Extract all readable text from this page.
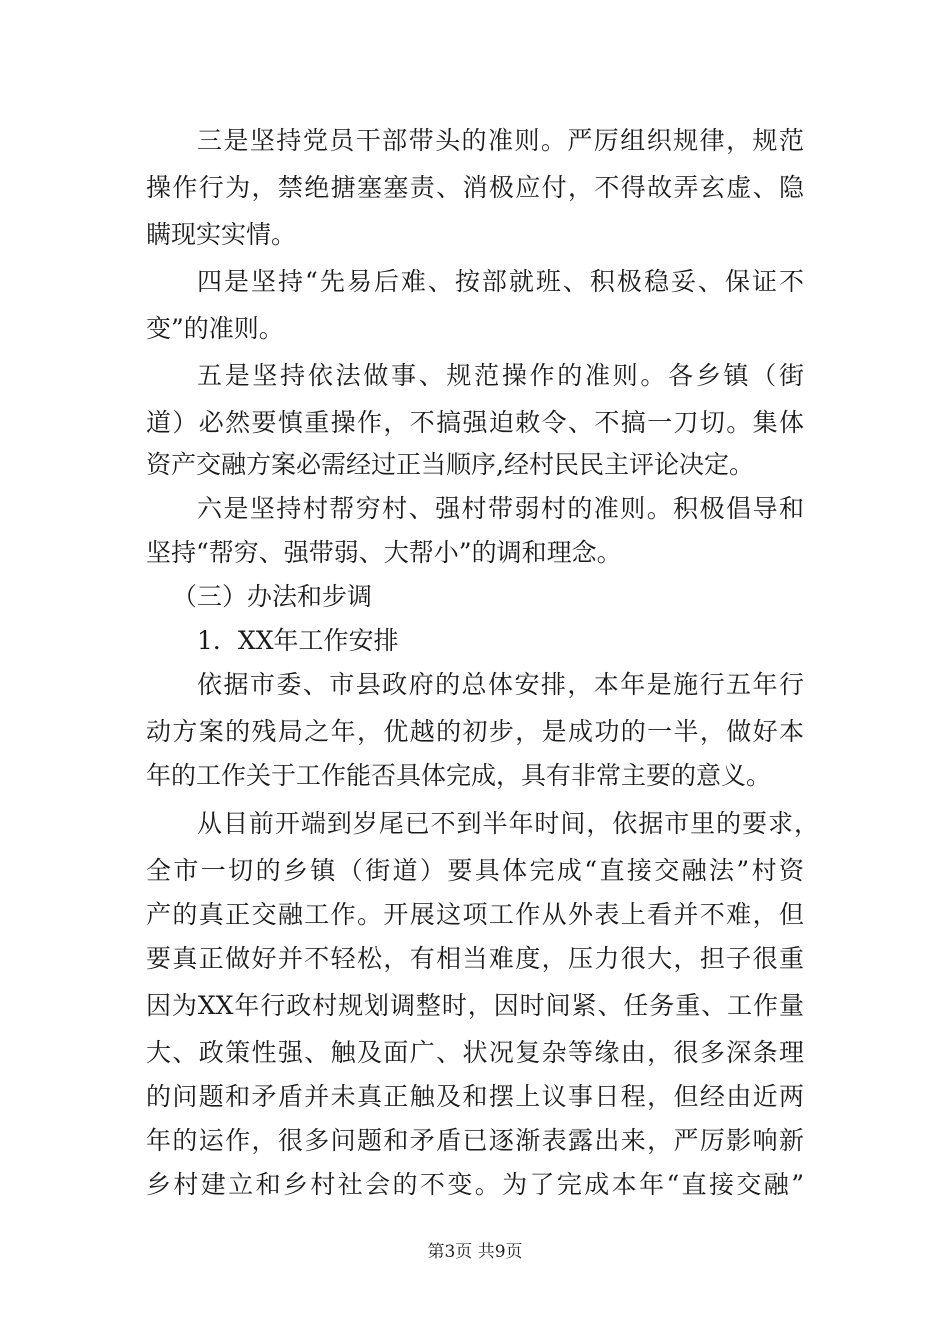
三是坚持党员干部带头的准则。严厉组织规律，规范
操作行为，禁绝搪塞塞责、消极应付，不得故弄玄虚、隐
瞒现实实情。
四是坚持“先易后难、按部就班、积极稳妥、保证不
变”的准则。
五是坚持依法做事、规范操作的准则。各乡镇（街
道）必然要慎重操作，不搞强迫敕令、不搞一刀切。集体
资产交融方案必需经过正当顺序,经村民民主评论决定。
六是坚持村帮穷村、强村带弱村的准则。积极倡导和
坚持“帮穷、强带弱、大帮小”的调和理念。
（三）办法和步调
1．XX年工作安排
依据市委、市县政府的总体安排，本年是施行五年行
动方案的残局之年，优越的初步，是成功的一半，做好本
年的工作关于工作能否具体完成，具有非常主要的意义。
从目前开端到岁尾已不到半年时间，依据市里的要求，
全市一切的乡镇（街道）要具体完成“直接交融法”村资
产的真正交融工作。开展这项工作从外表上看并不难，但
要真正做好并不轻松，有相当难度，压力很大，担子很重
因为XX年行政村规划调整时，因时间紧、任务重、工作量
大、政策性强、触及面广、状况复杂等缘由，很多深条理
的问题和矛盾并未真正触及和摆上议事日程，但经由近两
年的运作，很多问题和矛盾已逐渐表露出来，严厉影响新
乡村建立和乡村社会的不变。为了完成本年“直接交融”
第3页 共9页
